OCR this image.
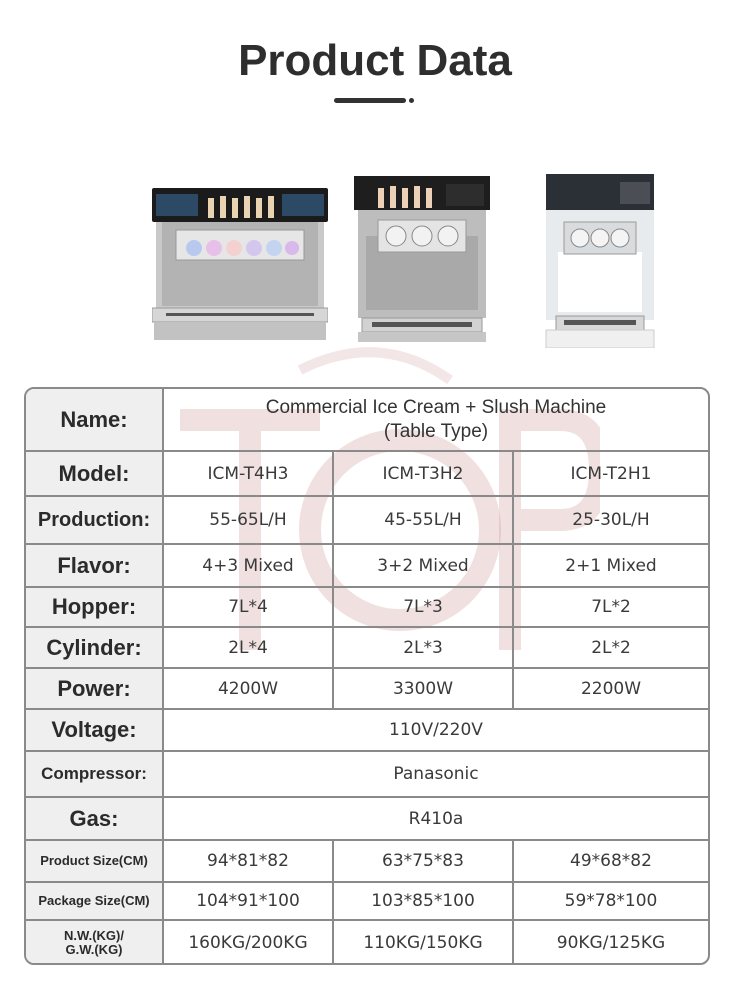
Product Data
Name:	Commercial Ice Cream + Slush Machine
(Table Type)
Model:	ICM-T4H3	ICM-T3H2	ICM-T2H1
Production:	55-65L/H	45-55L/H	25-30L/H
Flavor:	4+3 Mixed	3+2 Mixed	2+1 Mixed
Hopper:	7L*4	7L*3	7L*2
Cylinder:	2L*4	2L*3	2L*2
Power:	4200W	3300W	2200W
Voltage:	110V/220V
Compressor:	Panasonic
Gas:	R410a
Product Size(CM)	94*81*82	63*75*83	49*68*82
Package Size(CM)	104*91*100	103*85*100	59*78*100
N.W.(KG)/
G.W.(KG)	160KG/200KG	110KG/150KG	90KG/125KG
